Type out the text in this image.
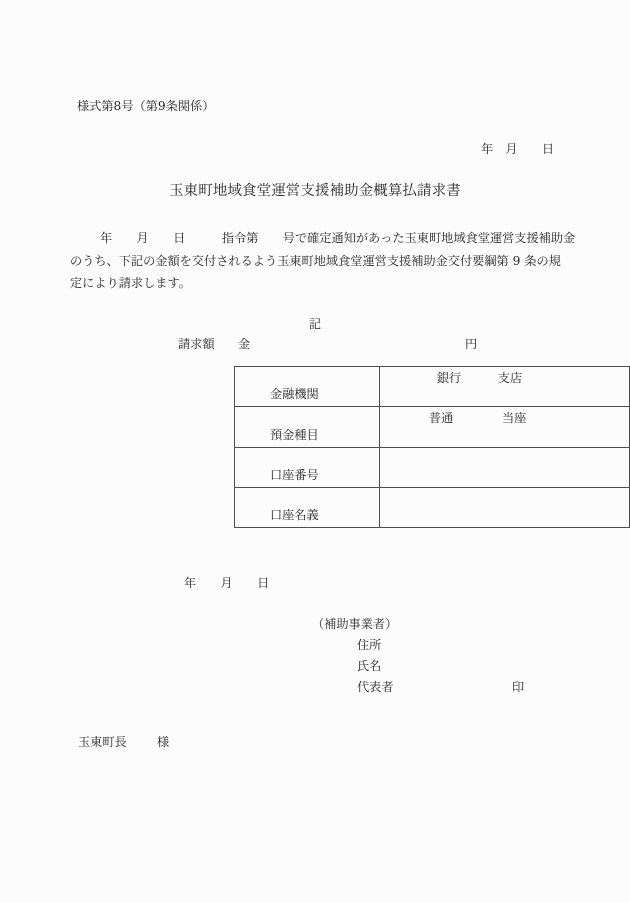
様式第8号（第9条関係）
年　月　　日
玉東町地域食堂運営支援補助金概算払請求書
年　　月　　日　　　指令第　　号で確定通知があった玉東町地域食堂運営支援補助金
のうち、下記の金額を交付されるよう玉東町地域食堂運営支援補助金交付要綱第 9 条の規
定により請求します。
記
請求額 金	円
金融機関	銀行　　　支店
預金種目	普通　　　　当座
口座番号	
口座名義	
年　　月　　日
（補助事業者）
住所
氏名
代表者	印
玉東町長 様
